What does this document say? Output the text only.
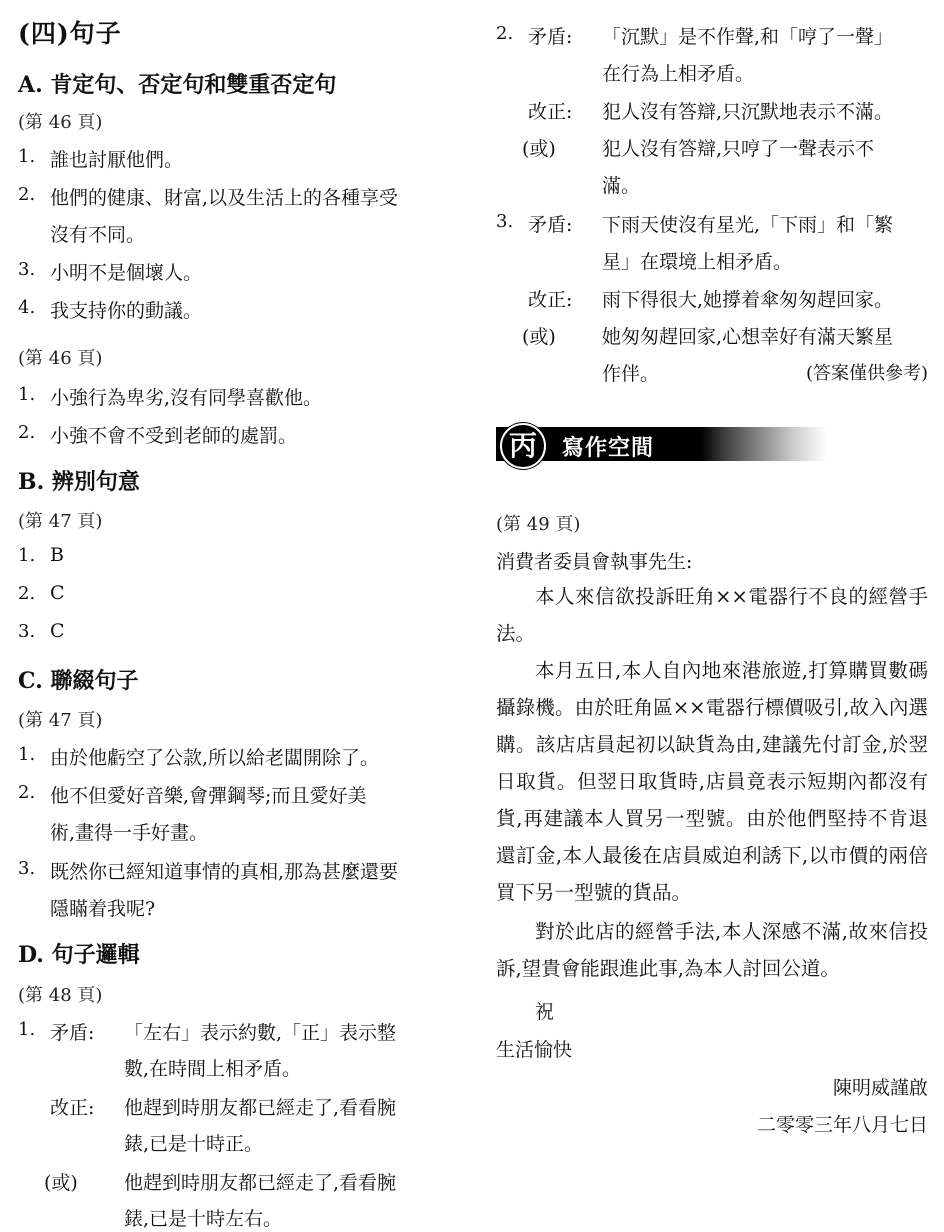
(四)句子
A. 肯定句、否定句和雙重否定句
(第 46 頁)
1. 誰也討厭他們。
2. 他們的健康、財富,以及生活上的各種享受
沒有不同。
3. 小明不是個壞人。
4. 我支持你的動議。
(第 46 頁)
1. 小強行為卑劣,沒有同學喜歡他。
2. 小強不會不受到老師的處罰。
B. 辨別句意
(第 47 頁)
1. B
2. C
3. C
C. 聯綴句子
(第 47 頁)
1. 由於他虧空了公款,所以給老闆開除了。
2. 他不但愛好音樂,會彈鋼琴;而且愛好美
術,畫得一手好畫。
3. 既然你已經知道事情的真相,那為甚麼還要
隱瞞着我呢?
D. 句子邏輯
(第 48 頁)
1. 矛盾: 「左右」表示約數,「正」表示整
數,在時間上相矛盾。
改正: 他趕到時朋友都已經走了,看看腕
錶,已是十時正。
(或) 他趕到時朋友都已經走了,看看腕
錶,已是十時左右。
2. 矛盾: 「沉默」是不作聲,和「哼了一聲」
在行為上相矛盾。
改正: 犯人沒有答辯,只沉默地表示不滿。
(或) 犯人沒有答辯,只哼了一聲表示不
滿。
3. 矛盾: 下雨天使沒有星光,「下雨」和「繁
星」在環境上相矛盾。
改正: 雨下得很大,她撐着傘匆匆趕回家。
(或) 她匆匆趕回家,心想幸好有滿天繁星
作伴。	(答案僅供參考)
丙	寫作空間
(第 49 頁)
消費者委員會執事先生:
本人來信欲投訴旺角××電器行不良的經營手法。
本月五日,本人自內地來港旅遊,打算購買數碼攝錄機。由於旺角區××電器行標價吸引,故入內選購。該店店員起初以缺貨為由,建議先付訂金,於翌日取貨。但翌日取貨時,店員竟表示短期內都沒有貨,再建議本人買另一型號。由於他們堅持不肯退還訂金,本人最後在店員威迫利誘下,以市價的兩倍買下另一型號的貨品。
對於此店的經營手法,本人深感不滿,故來信投訴,望貴會能跟進此事,為本人討回公道。
祝
生活愉快
陳明威謹啟
二零零三年八月七日
